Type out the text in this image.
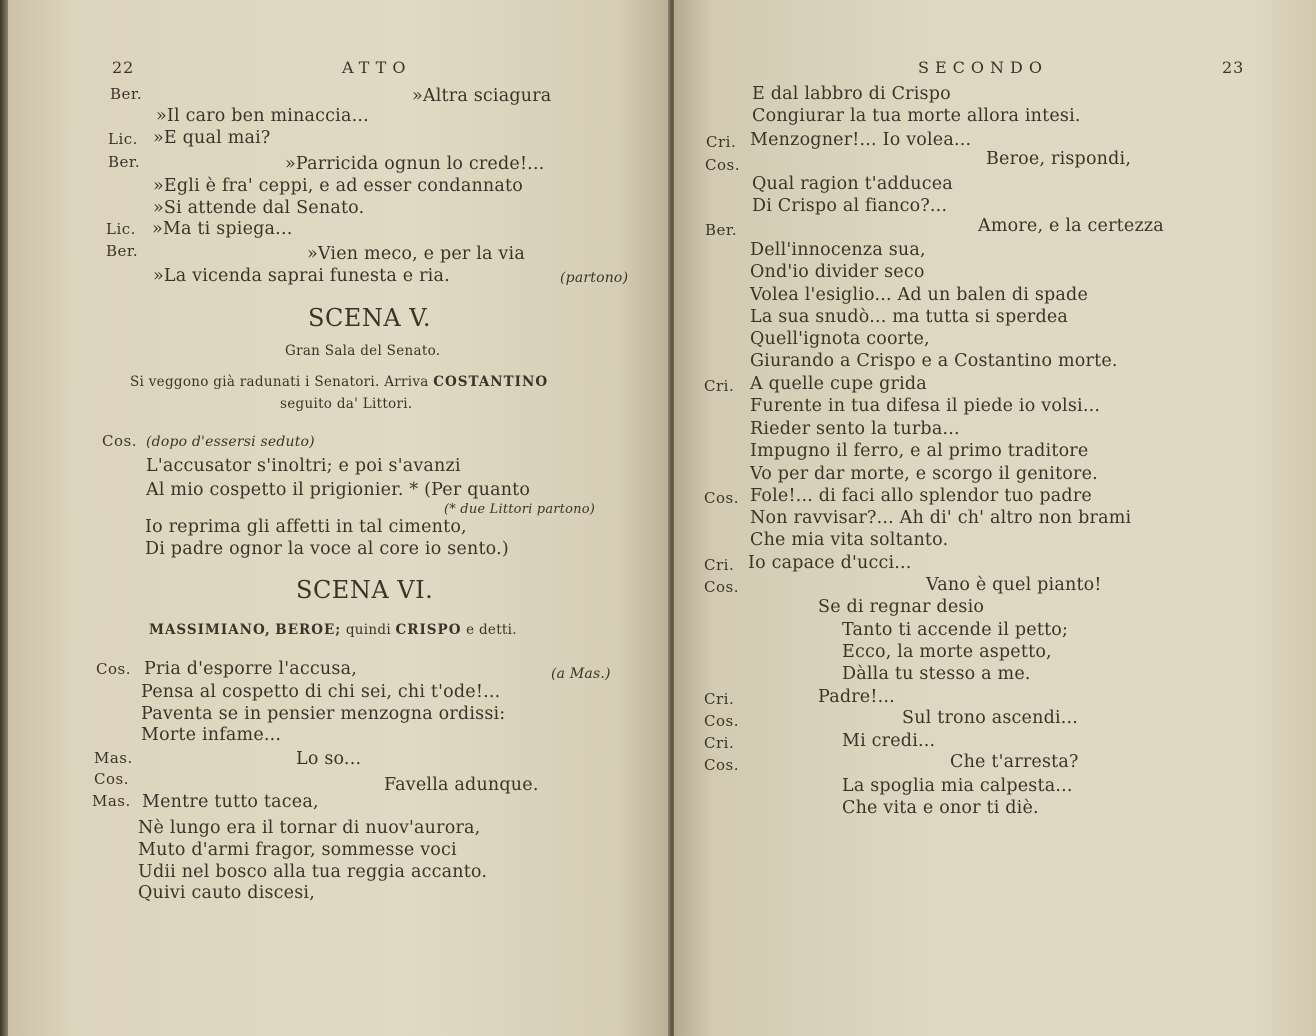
22	ATTO
Ber.	»Altra sciagura
»Il caro ben minaccia...
Lic. »E qual mai?
Ber.	»Parricida ognun lo crede!...
»Egli è fra' ceppi, e ad esser condannato
»Si attende dal Senato.
Lic. »Ma ti spiega...
Ber.	»Vien meco, e per la via
»La vicenda saprai funesta e ria.	(partono)
SCENA V.
Gran Sala del Senato.
Si veggono già radunati i Senatori. Arriva COSTANTINO
seguito da' Littori.
Cos. (dopo d'essersi seduto)
L'accusator s'inoltri; e poi s'avanzi
Al mio cospetto il prigionier. * (Per quanto
(* due Littori partono)
Io reprima gli affetti in tal cimento,
Di padre ognor la voce al core io sento.)
SCENA VI.
MASSIMIANO, BEROE; quindi CRISPO e detti.
Cos. Pria d'esporre l'accusa,	(a Mas.)
Pensa al cospetto di chi sei, chi t'ode!...
Paventa se in pensier menzogna ordissi:
Morte infame...
Mas.	Lo so...
Cos.	Favella adunque.
Mas. Mentre tutto tacea,
Nè lungo era il tornar di nuov'aurora,
Muto d'armi fragor, sommesse voci
Udii nel bosco alla tua reggia accanto.
Quivi cauto discesi,
SECONDO	23
E dal labbro di Crispo
Congiurar la tua morte allora intesi.
Cri. Menzogner!... Io volea...
Cos.	Beroe, rispondi,
Qual ragion t'adducea
Di Crispo al fianco?...
Ber.	Amore, e la certezza
Dell'innocenza sua,
Ond'io divider seco
Volea l'esiglio... Ad un balen di spade
La sua snudò... ma tutta si sperdea
Quell'ignota coorte,
Giurando a Crispo e a Costantino morte.
Cri. A quelle cupe grida
Furente in tua difesa il piede io volsi...
Rieder sento la turba...
Impugno il ferro, e al primo traditore
Vo per dar morte, e scorgo il genitore.
Cos. Fole!... di faci allo splendor tuo padre
Non ravvisar?... Ah di' ch' altro non brami
Che mia vita soltanto.
Cri. Io capace d'ucci...
Cos.	Vano è quel pianto!
Se di regnar desio
Tanto ti accende il petto;
Ecco, la morte aspetto,
Dàlla tu stesso a me.
Cri.	Padre!...
Cos.	Sul trono ascendi...
Cri.	Mi credi...
Cos.	Che t'arresta?
La spoglia mia calpesta...
Che vita e onor ti diè.
